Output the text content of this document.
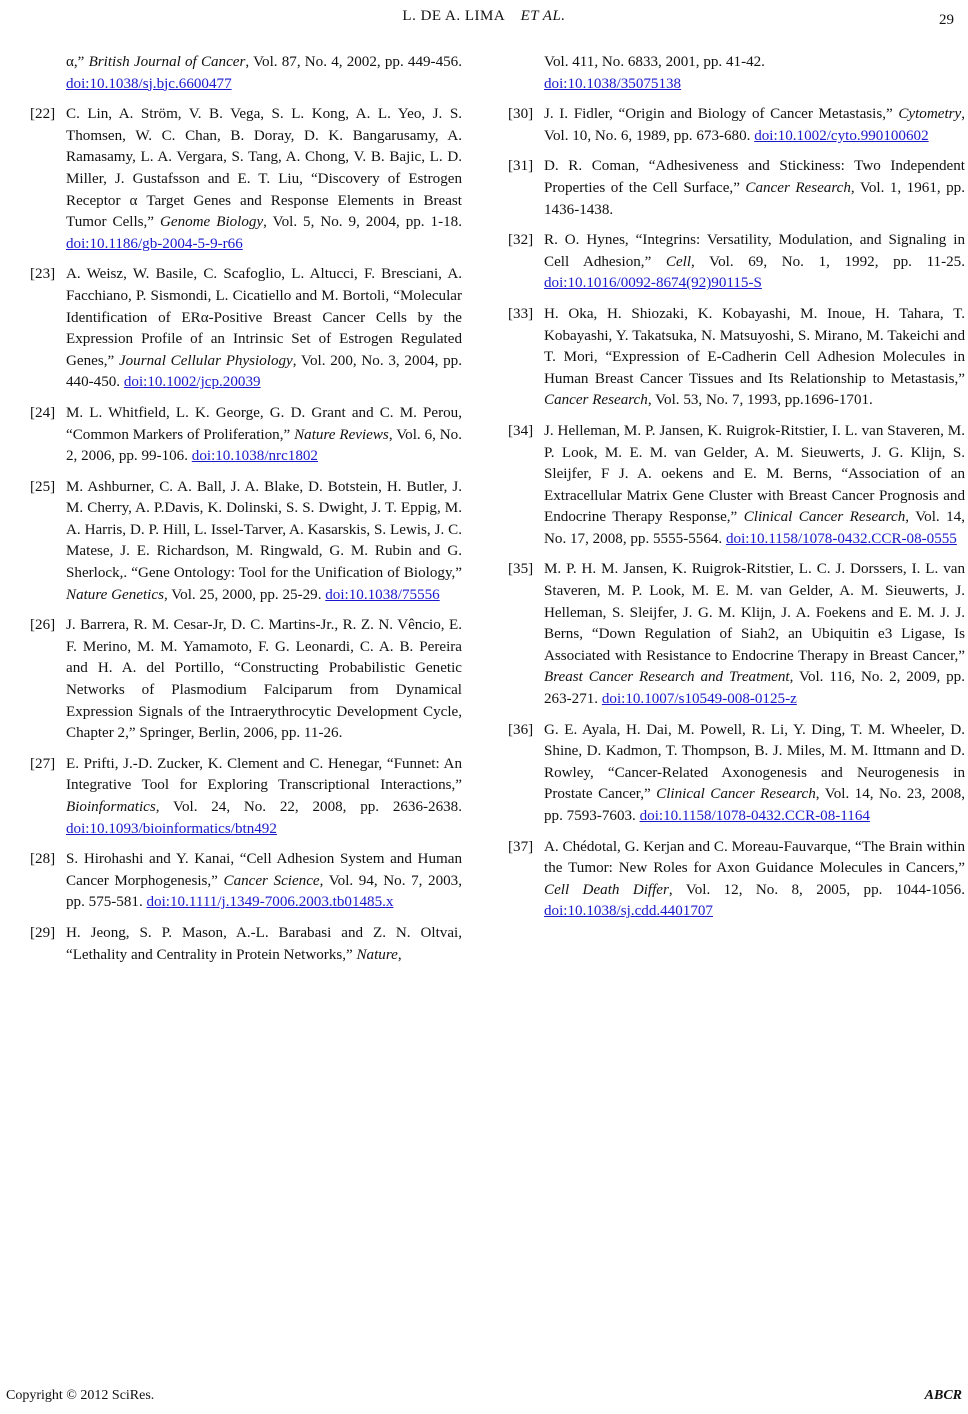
L. DE A. LIMA ET AL.	29
α,” British Journal of Cancer, Vol. 87, No. 4, 2002, pp. 449-456. doi:10.1038/sj.bjc.6600477
[22] C. Lin, A. Ström, V. B. Vega, S. L. Kong, A. L. Yeo, J. S. Thomsen, W. C. Chan, B. Doray, D. K. Bangarusamy, A. Ramasamy, L. A. Vergara, S. Tang, A. Chong, V. B. Bajic, L. D. Miller, J. Gustafsson and E. T. Liu, “Discovery of Estrogen Receptor α Target Genes and Response Elements in Breast Tumor Cells,” Genome Biology, Vol. 5, No. 9, 2004, pp. 1-18. doi:10.1186/gb-2004-5-9-r66
[23] A. Weisz, W. Basile, C. Scafoglio, L. Altucci, F. Bresciani, A. Facchiano, P. Sismondi, L. Cicatiello and M. Bortoli, “Molecular Identification of ERα-Positive Breast Cancer Cells by the Expression Profile of an Intrinsic Set of Estrogen Regulated Genes,” Journal Cellular Physiology, Vol. 200, No. 3, 2004, pp. 440-450. doi:10.1002/jcp.20039
[24] M. L. Whitfield, L. K. George, G. D. Grant and C. M. Perou, “Common Markers of Proliferation,” Nature Reviews, Vol. 6, No. 2, 2006, pp. 99-106. doi:10.1038/nrc1802
[25] M. Ashburner, C. A. Ball, J. A. Blake, D. Botstein, H. Butler, J. M. Cherry, A. P.Davis, K. Dolinski, S. S. Dwight, J. T. Eppig, M. A. Harris, D. P. Hill, L. Issel-Tarver, A. Kasarskis, S. Lewis, J. C. Matese, J. E. Richardson, M. Ringwald, G. M. Rubin and G. Sherlock,. “Gene Ontology: Tool for the Unification of Biology,” Nature Genetics, Vol. 25, 2000, pp. 25-29. doi:10.1038/75556
[26] J. Barrera, R. M. Cesar-Jr, D. C. Martins-Jr., R. Z. N. Vêncio, E. F. Merino, M. M. Yamamoto, F. G. Leonardi, C. A. B. Pereira and H. A. del Portillo, “Constructing Probabilistic Genetic Networks of Plasmodium Falciparum from Dynamical Expression Signals of the Intraerythrocytic Development Cycle, Chapter 2,” Springer, Berlin, 2006, pp. 11-26.
[27] E. Prifti, J.-D. Zucker, K. Clement and C. Henegar, “Funnet: An Integrative Tool for Exploring Transcriptional Interactions,” Bioinformatics, Vol. 24, No. 22, 2008, pp. 2636-2638. doi:10.1093/bioinformatics/btn492
[28] S. Hirohashi and Y. Kanai, “Cell Adhesion System and Human Cancer Morphogenesis,” Cancer Science, Vol. 94, No. 7, 2003, pp. 575-581. doi:10.1111/j.1349-7006.2003.tb01485.x
[29] H. Jeong, S. P. Mason, A.-L. Barabasi and Z. N. Oltvai, “Lethality and Centrality in Protein Networks,” Nature,
Vol. 411, No. 6833, 2001, pp. 41-42.
doi:10.1038/35075138
[30] J. I. Fidler, “Origin and Biology of Cancer Metastasis,” Cytometry, Vol. 10, No. 6, 1989, pp. 673-680. doi:10.1002/cyto.990100602
[31] D. R. Coman, “Adhesiveness and Stickiness: Two Independent Properties of the Cell Surface,” Cancer Research, Vol. 1, 1961, pp. 1436-1438.
[32] R. O. Hynes, “Integrins: Versatility, Modulation, and Signaling in Cell Adhesion,” Cell, Vol. 69, No. 1, 1992, pp. 11-25. doi:10.1016/0092-8674(92)90115-S
[33] H. Oka, H. Shiozaki, K. Kobayashi, M. Inoue, H. Tahara, T. Kobayashi, Y. Takatsuka, N. Matsuyoshi, S. Mirano, M. Takeichi and T. Mori, “Expression of E-Cadherin Cell Adhesion Molecules in Human Breast Cancer Tissues and Its Relationship to Metastasis,” Cancer Research, Vol. 53, No. 7, 1993, pp.1696-1701.
[34] J. Helleman, M. P. Jansen, K. Ruigrok-Ritstier, I. L. van Staveren, M. P. Look, M. E. M. van Gelder, A. M. Sieuwerts, J. G. Klijn, S. Sleijfer, F J. A. oekens and E. M. Berns, “Association of an Extracellular Matrix Gene Cluster with Breast Cancer Prognosis and Endocrine Therapy Response,” Clinical Cancer Research, Vol. 14, No. 17, 2008, pp. 5555-5564. doi:10.1158/1078-0432.CCR-08-0555
[35] M. P. H. M. Jansen, K. Ruigrok-Ritstier, L. C. J. Dorssers, I. L. van Staveren, M. P. Look, M. E. M. van Gelder, A. M. Sieuwerts, J. Helleman, S. Sleijfer, J. G. M. Klijn, J. A. Foekens and E. M. J. J. Berns, “Down Regulation of Siah2, an Ubiquitin e3 Ligase, Is Associated with Resistance to Endocrine Therapy in Breast Cancer,” Breast Cancer Research and Treatment, Vol. 116, No. 2, 2009, pp. 263-271. doi:10.1007/s10549-008-0125-z
[36] G. E. Ayala, H. Dai, M. Powell, R. Li, Y. Ding, T. M. Wheeler, D. Shine, D. Kadmon, T. Thompson, B. J. Miles, M. M. Ittmann and D. Rowley, “Cancer-Related Axonogenesis and Neurogenesis in Prostate Cancer,” Clinical Cancer Research, Vol. 14, No. 23, 2008, pp. 7593-7603. doi:10.1158/1078-0432.CCR-08-1164
[37] A. Chédotal, G. Kerjan and C. Moreau-Fauvarque, “The Brain within the Tumor: New Roles for Axon Guidance Molecules in Cancers,” Cell Death Differ, Vol. 12, No. 8, 2005, pp. 1044-1056. doi:10.1038/sj.cdd.4401707
Copyright © 2012 SciRes.	ABCR
